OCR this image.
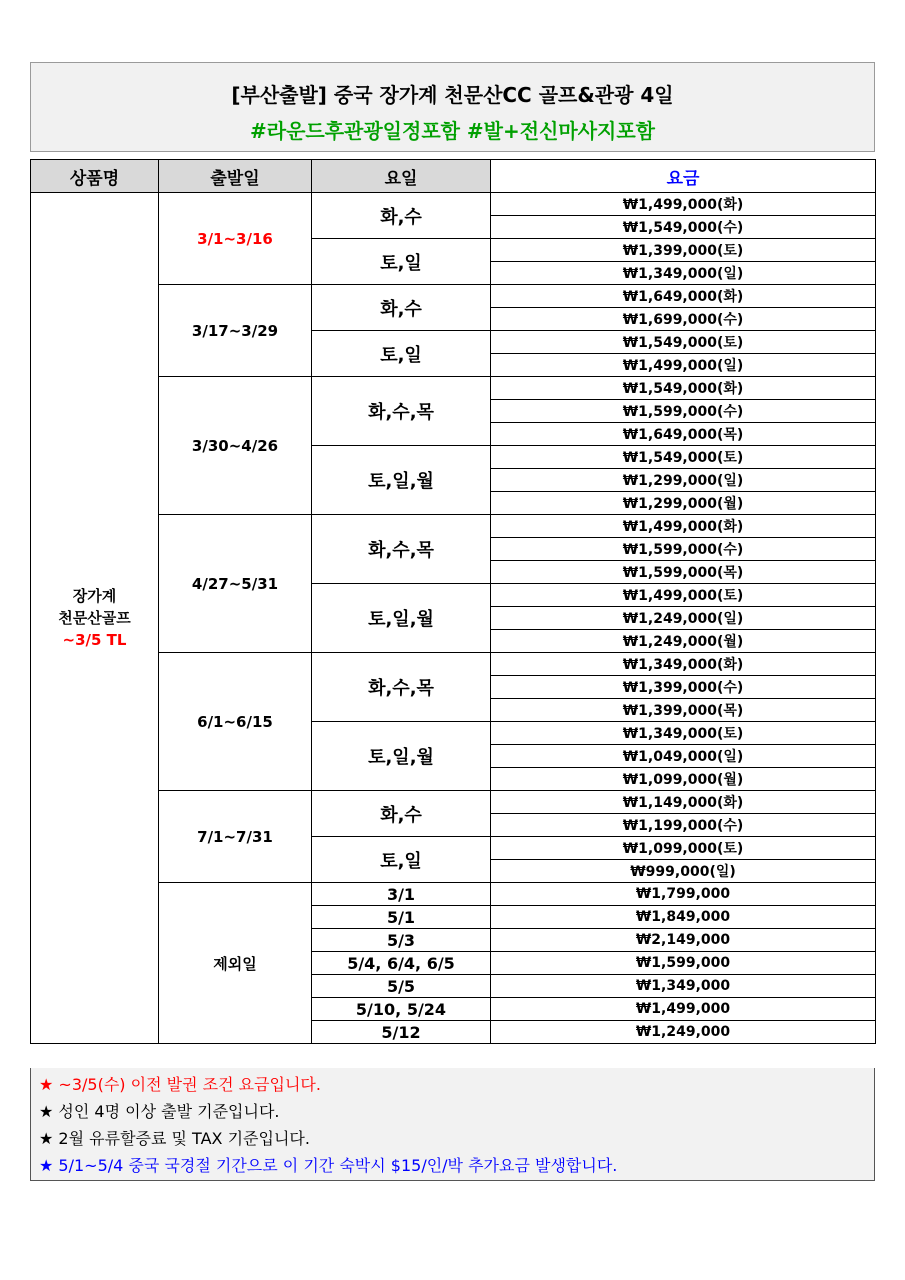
[부산출발] 중국 장가계 천문산CC 골프&관광 4일
#라운드후관광일정포함 #발+전신마사지포함
상품명	출발일	요일	요금

장가계
천문산골프
~3/5 TL	3/1~3/16	화,수	₩1,499,000(화)
			₩1,549,000(수)
		토,일	₩1,399,000(토)
			₩1,349,000(일)
	3/17~3/29	화,수	₩1,649,000(화)
			₩1,699,000(수)
		토,일	₩1,549,000(토)
			₩1,499,000(일)
	3/30~4/26	화,수,목	₩1,549,000(화)
			₩1,599,000(수)
			₩1,649,000(목)
		토,일,월	₩1,549,000(토)
			₩1,299,000(일)
			₩1,299,000(월)
	4/27~5/31	화,수,목	₩1,499,000(화)
			₩1,599,000(수)
			₩1,599,000(목)
		토,일,월	₩1,499,000(토)
			₩1,249,000(일)
			₩1,249,000(월)
	6/1~6/15	화,수,목	₩1,349,000(화)
			₩1,399,000(수)
			₩1,399,000(목)
		토,일,월	₩1,349,000(토)
			₩1,049,000(일)
			₩1,099,000(월)
	7/1~7/31	화,수	₩1,149,000(화)
			₩1,199,000(수)
		토,일	₩1,099,000(토)
			₩999,000(일)
	제외일	3/1	₩1,799,000
		5/1	₩1,849,000
		5/3	₩2,149,000
		5/4, 6/4, 6/5	₩1,599,000
		5/5	₩1,349,000
		5/10, 5/24	₩1,499,000
		5/12	₩1,249,000
★ ~3/5(수) 이전 발권 조건 요금입니다.
★ 성인 4명 이상 출발 기준입니다.
★ 2월 유류할증료 및 TAX 기준입니다.
★ 5/1~5/4 중국 국경절 기간으로 이 기간 숙박시 $15/인/박 추가요금 발생합니다.
